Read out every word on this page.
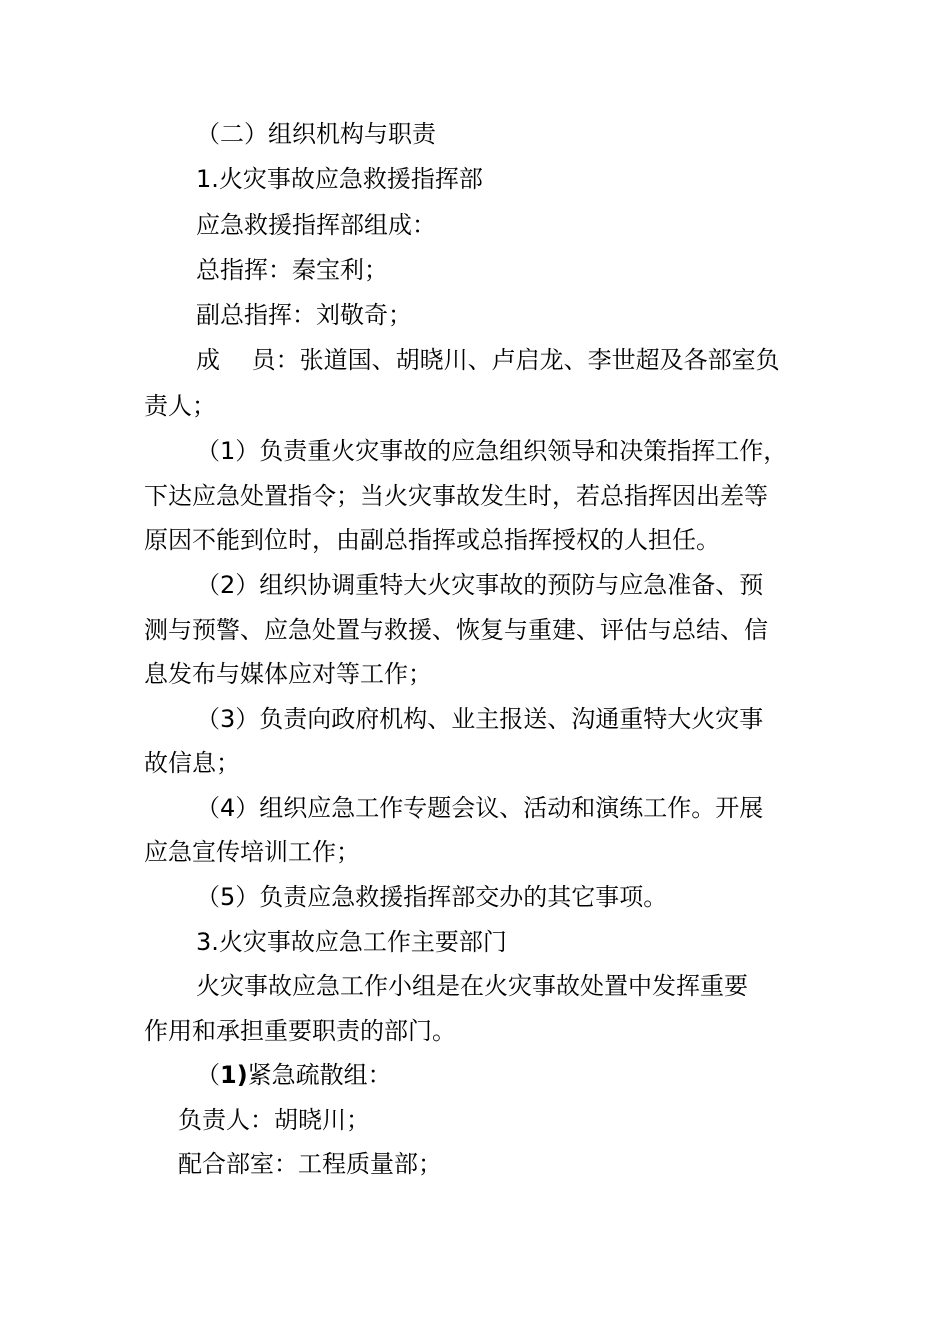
（二）组织机构与职责
1.火灾事故应急救援指挥部
应急救援指挥部组成：
总指挥：秦宝利；
副总指挥：刘敬奇；
成　 员：张道国、胡晓川、卢启龙、李世超及各部室负
责人；
（1）负责重火灾事故的应急组织领导和决策指挥工作，
下达应急处置指令；当火灾事故发生时，若总指挥因出差等
原因不能到位时，由副总指挥或总指挥授权的人担任。
（2）组织协调重特大火灾事故的预防与应急准备、预
测与预警、应急处置与救援、恢复与重建、评估与总结、信
息发布与媒体应对等工作；
（3）负责向政府机构、业主报送、沟通重特大火灾事
故信息；
（4）组织应急工作专题会议、活动和演练工作。开展
应急宣传培训工作；
（5）负责应急救援指挥部交办的其它事项。
3.火灾事故应急工作主要部门
火灾事故应急工作小组是在火灾事故处置中发挥重要
作用和承担重要职责的部门。
（1)紧急疏散组：
负责人：胡晓川；
配合部室：工程质量部；
